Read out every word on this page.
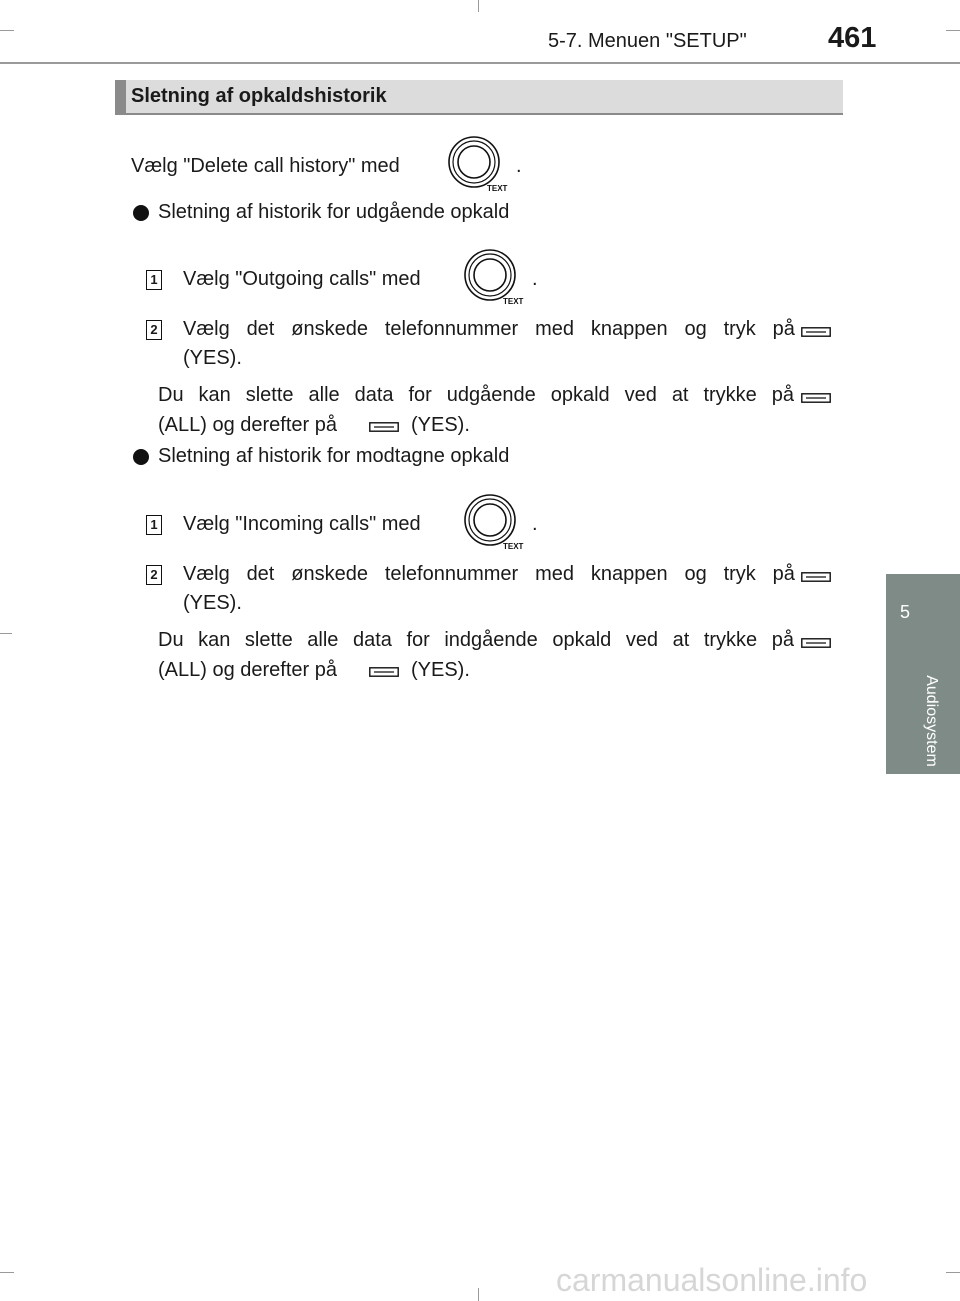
5-7. Menuen "SETUP"	461
5
Audiosystem
Sletning af opkaldshistorik
Vælg "Delete call history" med
TEXT
.
Sletning af historik for udgående opkald
1 Vælg "Outgoing calls" med
TEXT
.
2 Vælg det ønskede telefonnummer med knappen og tryk på
(YES).
Du kan slette alle data for udgående opkald ved at trykke på
(ALL) og derefter på	(YES).
Sletning af historik for modtagne opkald
1 Vælg "Incoming calls" med
TEXT
.
2 Vælg det ønskede telefonnummer med knappen og tryk på
(YES).
Du kan slette alle data for indgående opkald ved at trykke på
(ALL) og derefter på	(YES).
carmanualsonline.info
